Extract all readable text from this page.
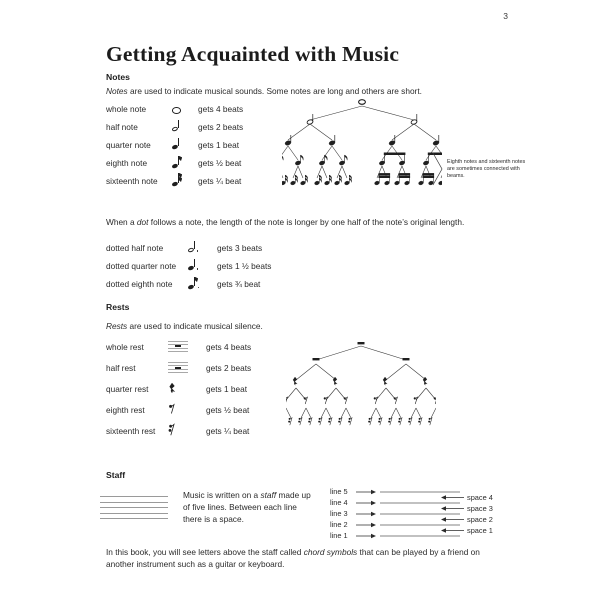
3
Getting Acquainted with Music
Notes
Notes are used to indicate musical sounds. Some notes are long and others are short.
whole note	gets 4 beats
half note	gets 2 beats
quarter note	gets 1 beat
eighth note	gets ½ beat
sixteenth note	gets ¼ beat
Eighth notes and sixteenth notes are sometimes connected with beams.
When a dot follows a note, the length of the note is longer by one half of the note’s original length.
dotted half note	gets 3 beats
dotted quarter note	gets 1 ½ beats
dotted eighth note	gets ¾ beat
Rests
Rests are used to indicate musical silence.
whole rest	gets 4 beats
half rest	gets 2 beats
quarter rest	gets 1 beat
eighth rest	gets ½ beat
sixteenth rest	gets ¼ beat
Staff
Music is written on a staff made up of five lines. Between each line there is a space.
line 5
line 4
line 3
line 2
line 1
space 4
space 3
space 2
space 1
In this book, you will see letters above the staff called chord symbols that can be played by a friend on another instrument such as a guitar or keyboard.
